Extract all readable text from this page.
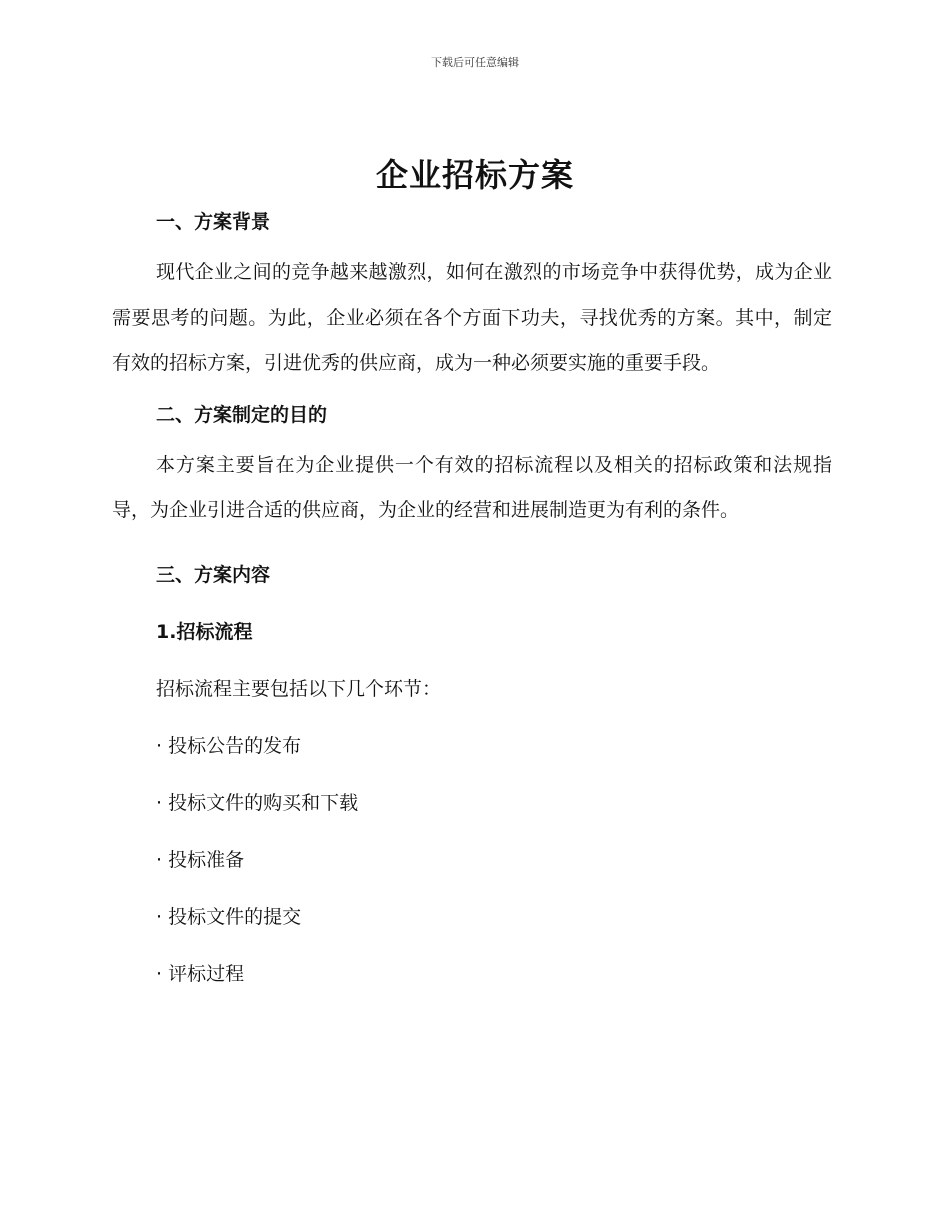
下载后可任意编辑
企业招标方案
一、方案背景

现代企业之间的竞争越来越激烈，如何在激烈的市场竞争中获得优势，成为企业需要思考的问题。为此，企业必须在各个方面下功夫，寻找优秀的方案。其中，制定有效的招标方案，引进优秀的供应商，成为一种必须要实施的重要手段。

二、方案制定的目的

本方案主要旨在为企业提供一个有效的招标流程以及相关的招标政策和法规指导，为企业引进合适的供应商，为企业的经营和进展制造更为有利的条件。

三、方案内容
1.招标流程

招标流程主要包括以下几个环节：

· 投标公告的发布

· 投标文件的购买和下载

· 投标准备

· 投标文件的提交

· 评标过程
